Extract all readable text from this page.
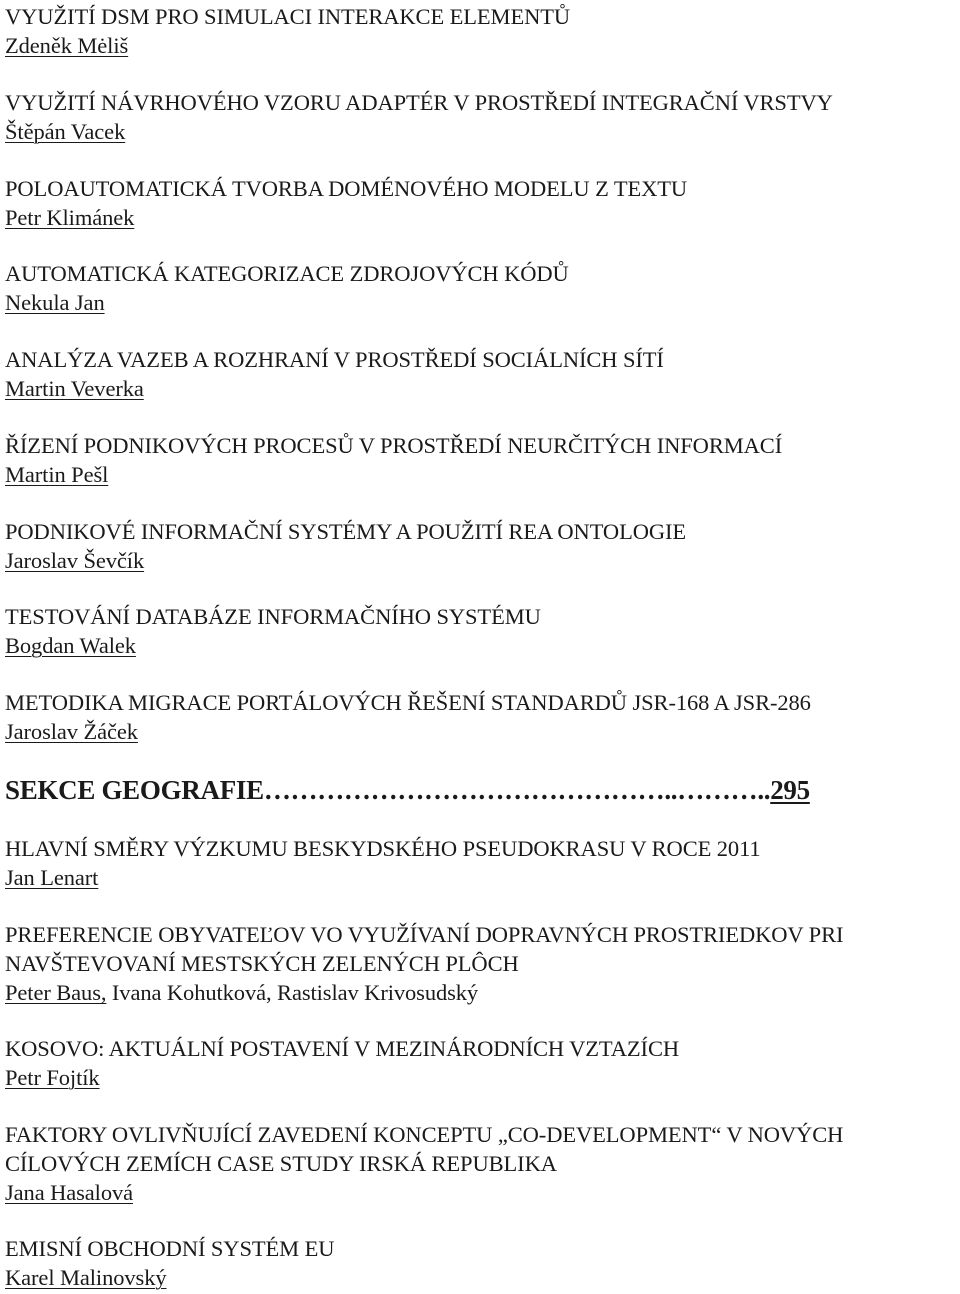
VYUŽITÍ DSM PRO SIMULACI INTERAKCE ELEMENTŮ
Zdeněk Mėliš
VYUŽITÍ NÁVRHOVÉHO VZORU ADAPTÉR V PROSTŘEDÍ INTEGRAČNÍ VRSTVY
Štěpán Vacek
POLOAUTOMATICKÁ TVORBA DOMÉNOVÉHO MODELU Z TEXTU
Petr Klimánek
AUTOMATICKÁ KATEGORIZACE ZDROJOVÝCH KÓDŮ
Nekula Jan
ANALÝZA VAZEB A ROZHRANÍ V PROSTŘEDÍ SOCIÁLNÍCH SÍTÍ
Martin Veverka
ŘÍZENÍ PODNIKOVÝCH PROCESŮ V PROSTŘEDÍ NEURČITÝCH INFORMACÍ
Martin Pešl
PODNIKOVÉ INFORMAČNÍ SYSTÉMY A POUŽITÍ REA ONTOLOGIE
Jaroslav Ševčík
TESTOVÁNÍ DATABÁZE INFORMAČNÍHO SYSTÉMU
Bogdan Walek
METODIKA MIGRACE PORTÁLOVÝCH ŘEŠENÍ STANDARDŮ JSR-168 A JSR-286
Jaroslav Žáček
SEKCE GEOGRAFIE………………………………………..………..295
HLAVNÍ SMĚRY VÝZKUMU BESKYDSKÉHO PSEUDOKRASU V ROCE 2011
Jan Lenart
PREFERENCIE OBYVATEĽOV VO VYUŽÍVANÍ DOPRAVNÝCH PROSTRIEDKOV PRI
NAVŠTEVOVANÍ MESTSKÝCH ZELENÝCH PLÔCH
Peter Baus, Ivana Kohutková, Rastislav Krivosudský
KOSOVO: AKTUÁLNÍ POSTAVENÍ V MEZINÁRODNÍCH VZTAZÍCH
Petr Fojtík
FAKTORY OVLIVŇUJÍCÍ ZAVEDENÍ KONCEPTU „CO-DEVELOPMENT“ V NOVÝCH
CÍLOVÝCH ZEMÍCH CASE STUDY IRSKÁ REPUBLIKA
Jana Hasalová
EMISNÍ OBCHODNÍ SYSTÉM EU
Karel Malinovský
